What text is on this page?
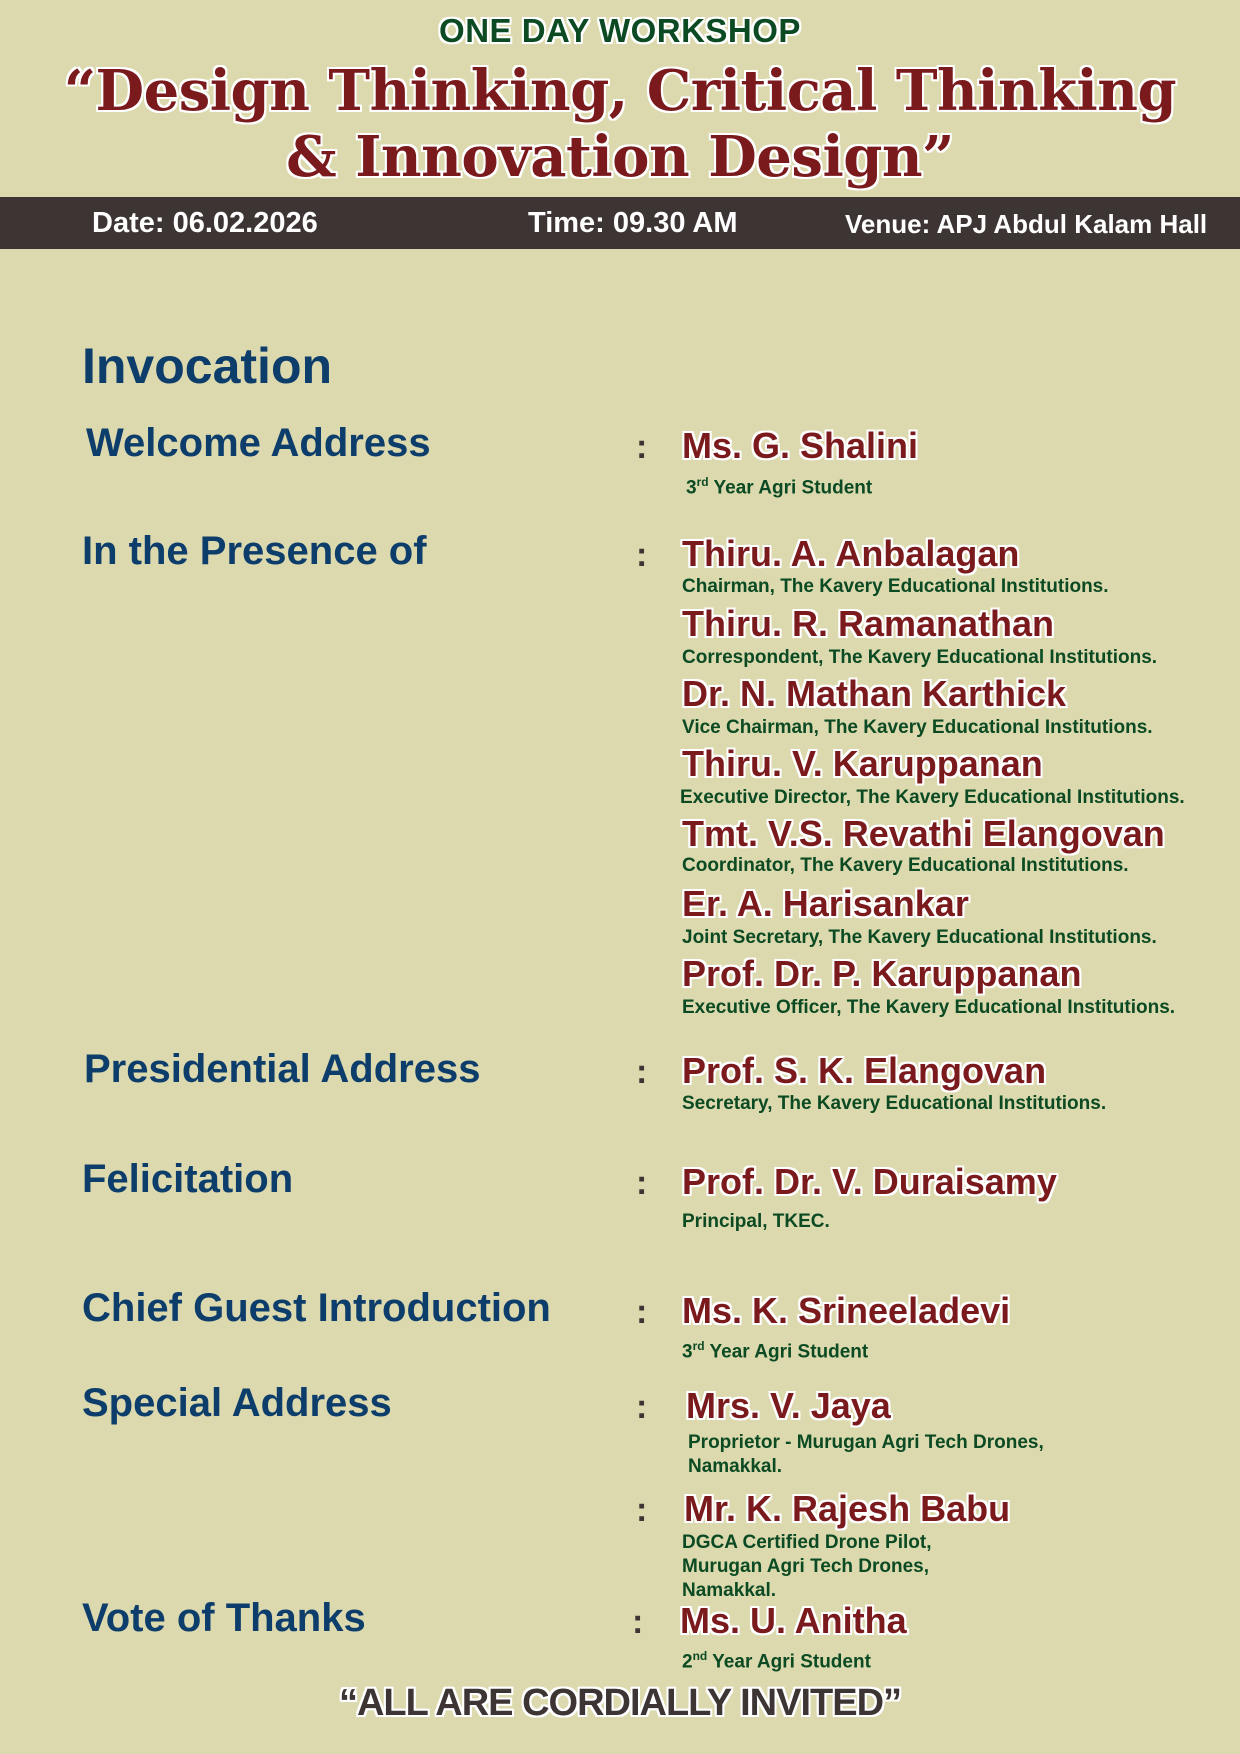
ONE DAY WORKSHOP
“Design Thinking, Critical Thinking
& Innovation Design”
Date: 06.02.2026	Time: 09.30 AM	Venue: APJ Abdul Kalam Hall
Invocation
Welcome Address	: Ms. G. Shalini
3rd Year Agri Student
In the Presence of	: Thiru. A. Anbalagan
Chairman, The Kavery Educational Institutions.
Thiru. R. Ramanathan
Correspondent, The Kavery Educational Institutions.
Dr. N. Mathan Karthick
Vice Chairman, The Kavery Educational Institutions.
Thiru. V. Karuppanan
Executive Director, The Kavery Educational Institutions.
Tmt. V.S. Revathi Elangovan
Coordinator, The Kavery Educational Institutions.
Er. A. Harisankar
Joint Secretary, The Kavery Educational Institutions.
Prof. Dr. P. Karuppanan
Executive Officer, The Kavery Educational Institutions.
Presidential Address	: Prof. S. K. Elangovan
Secretary, The Kavery Educational Institutions.
Felicitation	: Prof. Dr. V. Duraisamy
Principal, TKEC.
Chief Guest Introduction	: Ms. K. Srineeladevi
3rd Year Agri Student
Special Address	: Mrs. V. Jaya
Proprietor - Murugan Agri Tech Drones,
Namakkal.
: Mr. K. Rajesh Babu
DGCA Certified Drone Pilot,
Murugan Agri Tech Drones,
Namakkal.
Vote of Thanks	: Ms. U. Anitha
2nd Year Agri Student
“ALL ARE CORDIALLY INVITED”
